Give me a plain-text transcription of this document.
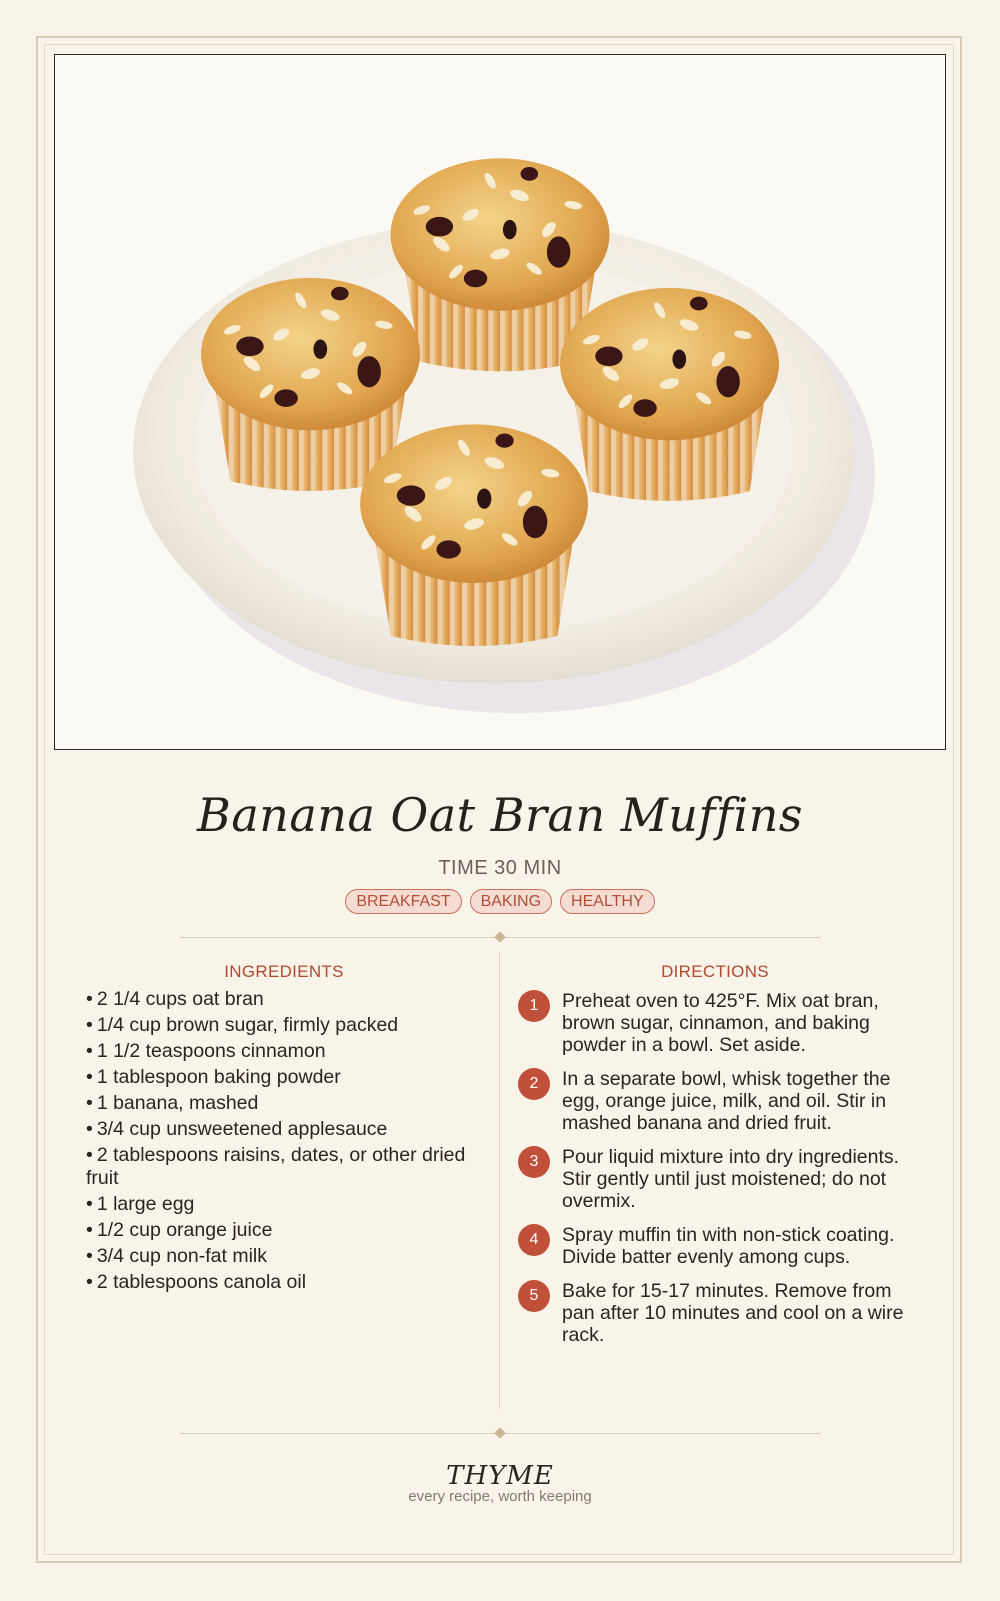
Banana Oat Bran Muffins
TIME 30 MIN
BREAKFAST	BAKING	HEALTHY
INGREDIENTS
• 2 1/4 cups oat bran
• 1/4 cup brown sugar, firmly packed
• 1 1/2 teaspoons cinnamon
• 1 tablespoon baking powder
• 1 banana, mashed
• 3/4 cup unsweetened applesauce
• 2 tablespoons raisins, dates, or other dried fruit
• 1 large egg
• 1/2 cup orange juice
• 3/4 cup non-fat milk
• 2 tablespoons canola oil
DIRECTIONS
1	Preheat oven to 425°F. Mix oat bran, brown sugar, cinnamon, and baking powder in a bowl. Set aside.
2	In a separate bowl, whisk together the egg, orange juice, milk, and oil. Stir in mashed banana and dried fruit.
3	Pour liquid mixture into dry ingredients. Stir gently until just moistened; do not overmix.
4	Spray muffin tin with non-stick coating. Divide batter evenly among cups.
5	Bake for 15-17 minutes. Remove from pan after 10 minutes and cool on a wire rack.
THYME
every recipe, worth keeping
